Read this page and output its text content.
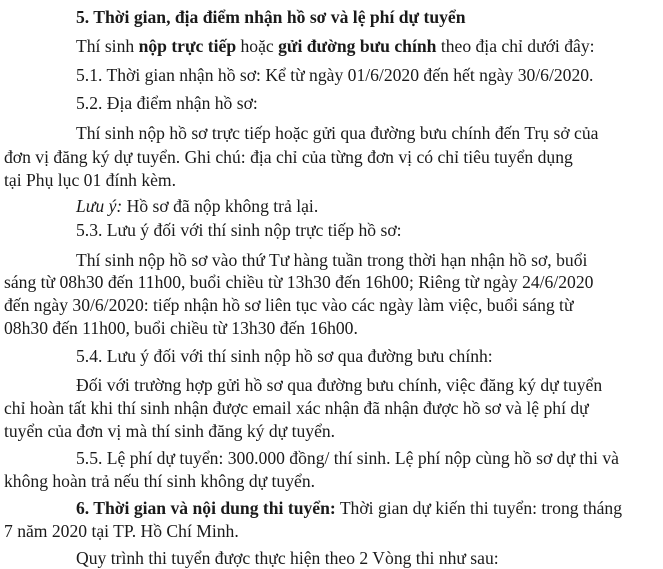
5. Thời gian, địa điểm nhận hồ sơ và lệ phí dự tuyển
Thí sinh nộp trực tiếp hoặc gửi đường bưu chính theo địa chỉ dưới đây:
5.1. Thời gian nhận hồ sơ: Kể từ ngày 01/6/2020 đến hết ngày 30/6/2020.
5.2. Địa điểm nhận hồ sơ:
Thí sinh nộp hồ sơ trực tiếp hoặc gửi qua đường bưu chính đến Trụ sở của
đơn vị đăng ký dự tuyển. Ghi chú: địa chỉ của từng đơn vị có chỉ tiêu tuyển dụng
tại Phụ lục 01 đính kèm.
Lưu ý: Hồ sơ đã nộp không trả lại.
5.3. Lưu ý đối với thí sinh nộp trực tiếp hồ sơ:
Thí sinh nộp hồ sơ vào thứ Tư hàng tuần trong thời hạn nhận hồ sơ, buổi
sáng từ 08h30 đến 11h00, buổi chiều từ 13h30 đến 16h00; Riêng từ ngày 24/6/2020
đến ngày 30/6/2020: tiếp nhận hồ sơ liên tục vào các ngày làm việc, buổi sáng từ
08h30 đến 11h00, buổi chiều từ 13h30 đến 16h00.
5.4. Lưu ý đối với thí sinh nộp hồ sơ qua đường bưu chính:
Đối với trường hợp gửi hồ sơ qua đường bưu chính, việc đăng ký dự tuyển
chỉ hoàn tất khi thí sinh nhận được email xác nhận đã nhận được hồ sơ và lệ phí dự
tuyển của đơn vị mà thí sinh đăng ký dự tuyển.
5.5. Lệ phí dự tuyển: 300.000 đồng/ thí sinh. Lệ phí nộp cùng hồ sơ dự thi và
không hoàn trả nếu thí sinh không dự tuyển.
6. Thời gian và nội dung thi tuyển: Thời gian dự kiến thi tuyển: trong tháng
7 năm 2020 tại TP. Hồ Chí Minh.
Quy trình thi tuyển được thực hiện theo 2 Vòng thi như sau:
